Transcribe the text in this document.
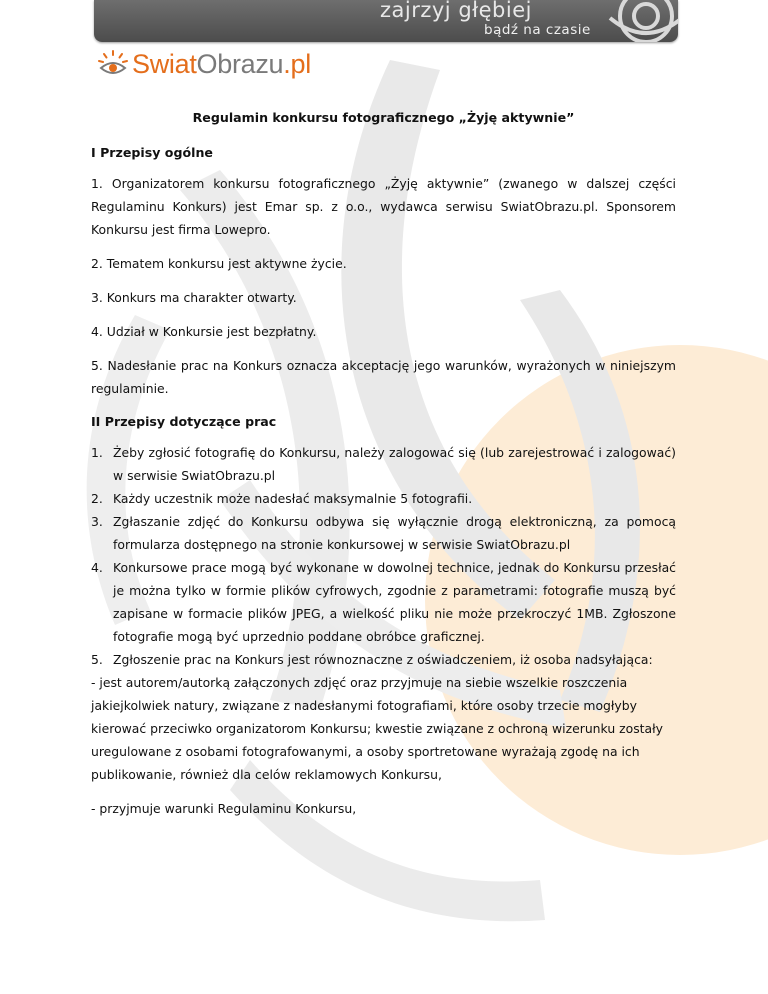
zajrzyj głębiej
bądź na czasie
SwiatObrazu.pl
Regulamin konkursu fotograficznego „Żyję aktywnie”
I Przepisy ogólne

1. Organizatorem konkursu fotograficznego „Żyję aktywnie” (zwanego w dalszej części Regulaminu Konkurs) jest Emar sp. z o.o., wydawca serwisu SwiatObrazu.pl. Sponsorem Konkursu jest firma Lowepro.

2. Tematem konkursu jest aktywne życie.

3. Konkurs ma charakter otwarty.

4. Udział w Konkursie jest bezpłatny.

5. Nadesłanie prac na Konkurs oznacza akceptację jego warunków, wyrażonych w niniejszym regulaminie.

II Przepisy dotyczące prac
1. Żeby zgłosić fotografię do Konkursu, należy zalogować się (lub zarejestrować i zalogować) w serwisie SwiatObrazu.pl
2. Każdy uczestnik może nadesłać maksymalnie 5 fotografii.
3. Zgłaszanie zdjęć do Konkursu odbywa się wyłącznie drogą elektroniczną, za pomocą formularza dostępnego na stronie konkursowej w serwisie SwiatObrazu.pl
4. Konkursowe prace mogą być wykonane w dowolnej technice, jednak do Konkursu przesłać je można tylko w formie plików cyfrowych, zgodnie z parametrami: fotografie muszą być zapisane w formacie plików JPEG, a wielkość pliku nie może przekroczyć 1MB. Zgłoszone fotografie mogą być uprzednio poddane obróbce graficznej.
5. Zgłoszenie prac na Konkurs jest równoznaczne z oświadczeniem, iż osoba nadsyłająca:

- jest autorem/autorką załączonych zdjęć oraz przyjmuje na siebie wszelkie roszczenia jakiejkolwiek natury, związane z nadesłanymi fotografiami, które osoby trzecie mogłyby kierować przeciwko organizatorom Konkursu; kwestie związane z ochroną wizerunku zostały uregulowane z osobami fotografowanymi, a osoby sportretowane wyrażają zgodę na ich publikowanie, również dla celów reklamowych Konkursu,

- przyjmuje warunki Regulaminu Konkursu,
